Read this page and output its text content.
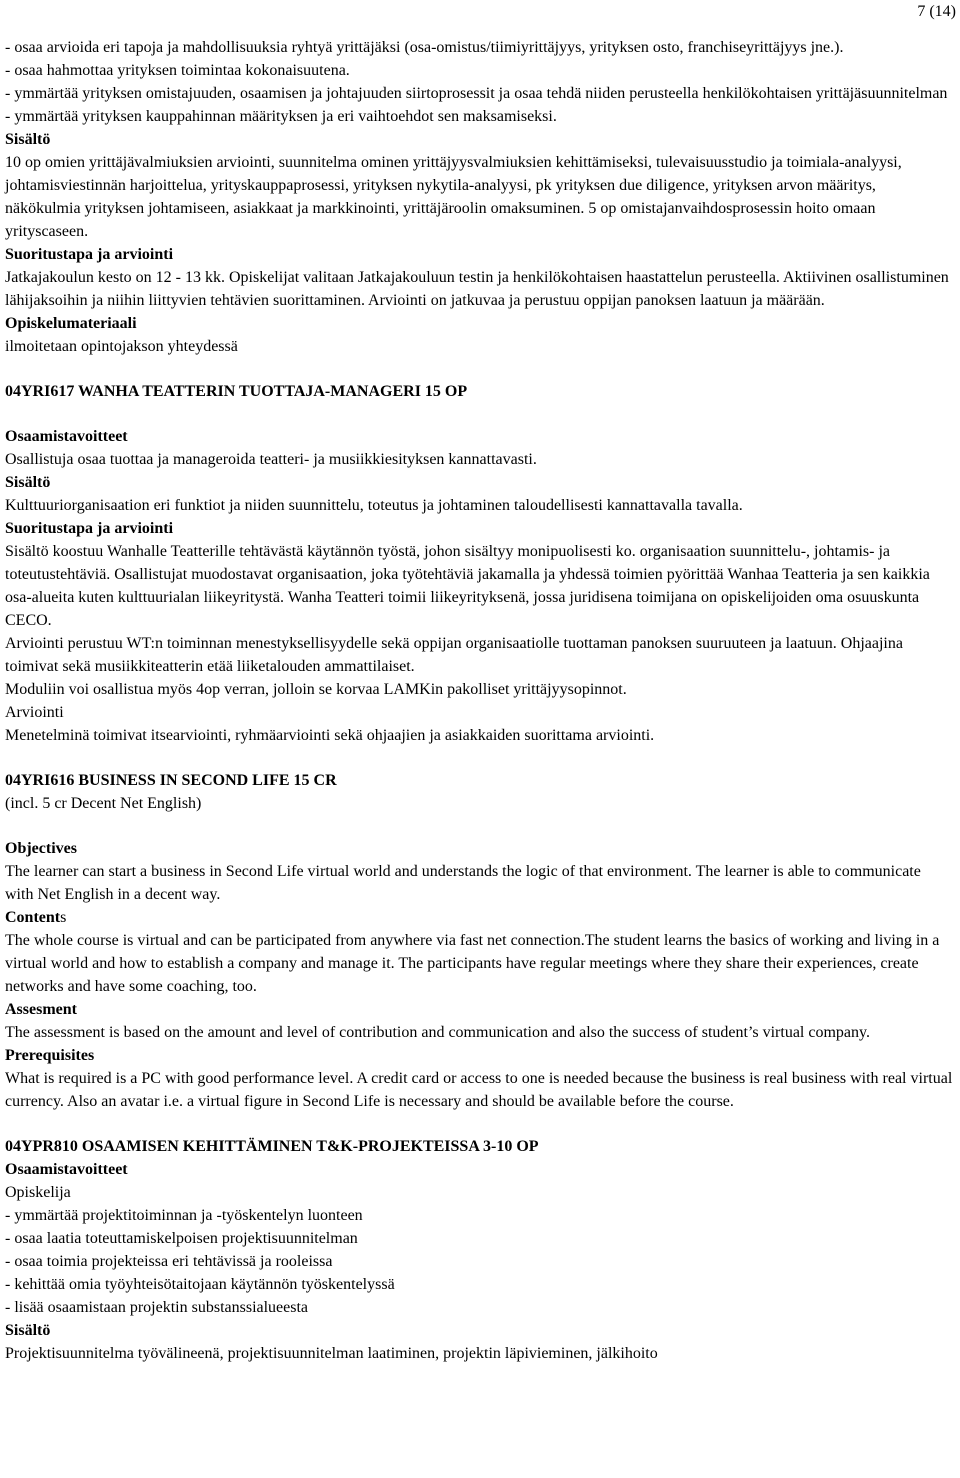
7 (14)

- osaa arvioida eri tapoja ja mahdollisuuksia ryhtyä yrittäjäksi (osa-omistus/tiimiyrittäjyys, yrityksen osto, franchiseyrittäjyys jne.).

- osaa hahmottaa yrityksen toimintaa kokonaisuutena.

- ymmärtää yrityksen omistajuuden, osaamisen ja johtajuuden siirtoprosessit ja osaa tehdä niiden perusteella henkilökohtaisen yrittäjäsuunnitelman

- ymmärtää yrityksen kauppahinnan määrityksen ja eri vaihtoehdot sen maksamiseksi.

Sisältö

10 op omien yrittäjävalmiuksien arviointi, suunnitelma ominen yrittäjyysvalmiuksien kehittämiseksi, tulevaisuusstudio ja toimiala-analyysi, johtamisviestinnän harjoittelua, yrityskauppaprosessi, yrityksen nykytila-analyysi, pk yrityksen due diligence, yrityksen arvon määritys, näkökulmia yrityksen johtamiseen, asiakkaat ja markkinointi, yrittäjäroolin omaksuminen. 5 op omistajanvaihdosprosessin hoito omaan yrityscaseen.

Suoritustapa ja arviointi

Jatkajakoulun kesto on 12 - 13 kk. Opiskelijat valitaan Jatkajakouluun testin ja henkilökohtaisen haastattelun perusteella. Aktiivinen osallistuminen lähijaksoihin ja niihin liittyvien tehtävien suorittaminen. Arviointi on jatkuvaa ja perustuu oppijan panoksen laatuun ja määrään.

Opiskelumateriaali

ilmoitetaan opintojakson yhteydessä

04YRI617 WANHA TEATTERIN TUOTTAJA-MANAGERI 15 OP

Osaamistavoitteet

Osallistuja osaa tuottaa ja manageroida teatteri- ja musiikkiesityksen kannattavasti.

Sisältö

Kulttuuriorganisaation eri funktiot ja niiden suunnittelu, toteutus ja johtaminen taloudellisesti kannattavalla tavalla.

Suoritustapa ja arviointi

Sisältö koostuu Wanhalle Teatterille tehtävästä käytännön työstä, johon sisältyy monipuolisesti ko. organisaation suunnittelu-, johtamis- ja toteutustehtäviä. Osallistujat muodostavat organisaation, joka työtehtäviä jakamalla ja yhdessä toimien pyörittää Wanhaa Teatteria ja sen kaikkia osa-alueita kuten kulttuurialan liikeyritystä. Wanha Teatteri toimii liikeyrityksenä, jossa juridisena toimijana on opiskelijoiden oma osuuskunta CECO.

Arviointi perustuu WT:n toiminnan menestyksellisyydelle sekä oppijan organisaatiolle tuottaman panoksen suuruuteen ja laatuun. Ohjaajina toimivat sekä musiikkiteatterin etää liiketalouden ammattilaiset.

Moduliin voi osallistua myös 4op verran, jolloin se korvaa LAMKin pakolliset yrittäjyysopinnot.

Arviointi

Menetelminä toimivat itsearviointi, ryhmäarviointi sekä ohjaajien ja asiakkaiden suorittama arviointi.

04YRI616 BUSINESS IN SECOND LIFE 15 CR

(incl. 5 cr Decent Net English)

Objectives

The learner can start a business in Second Life virtual world and understands the logic of that environment. The learner is able to communicate with Net English in a decent way.

Contents

The whole course is virtual and can be participated from anywhere via fast net connection.The student learns the basics of working and living in a virtual world and how to establish a company and manage it. The participants have regular meetings where they share their experiences, create networks and have some coaching, too.

Assesment

The assessment is based on the amount and level of contribution and communication and also the success of student’s virtual company.

Prerequisites

What is required is a PC with good performance level. A credit card or access to one is needed because the business is real business with real virtual currency. Also an avatar i.e. a virtual figure in Second Life is necessary and should be available before the course.

04YPR810 OSAAMISEN KEHITTÄMINEN T&K-PROJEKTEISSA 3-10 OP

Osaamistavoitteet

Opiskelija

- ymmärtää projektitoiminnan ja -työskentelyn luonteen

- osaa laatia toteuttamiskelpoisen projektisuunnitelman

- osaa toimia projekteissa eri tehtävissä ja rooleissa

- kehittää omia työyhteisötaitojaan käytännön työskentelyssä

- lisää osaamistaan projektin substanssialueesta

Sisältö

Projektisuunnitelma työvälineenä, projektisuunnitelman laatiminen, projektin läpivieminen, jälkihoito
